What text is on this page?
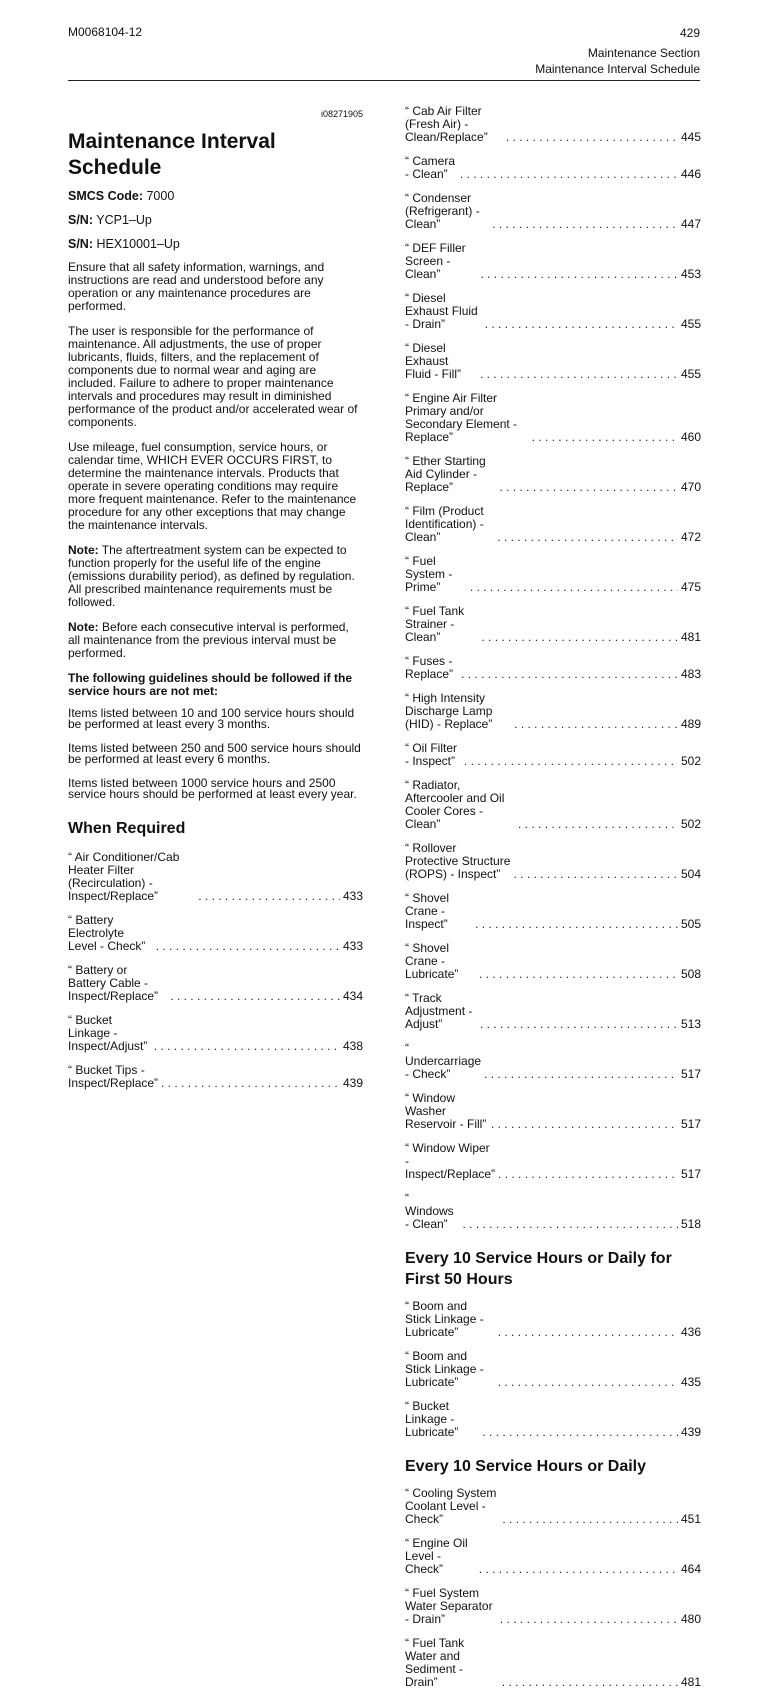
M0068104-12	429
Maintenance Section
Maintenance Interval Schedule
i08271905
Maintenance Interval Schedule

SMCS Code: 7000

S/N: YCP1–Up

S/N: HEX10001–Up

Ensure that all safety information, warnings, and instructions are read and understood before any operation or any maintenance procedures are performed.

The user is responsible for the performance of maintenance. All adjustments, the use of proper lubricants, fluids, filters, and the replacement of components due to normal wear and aging are included. Failure to adhere to proper maintenance intervals and procedures may result in diminished performance of the product and/or accelerated wear of components.

Use mileage, fuel consumption, service hours, or calendar time, WHICH EVER OCCURS FIRST, to determine the maintenance intervals. Products that operate in severe operating conditions may require more frequent maintenance. Refer to the maintenance procedure for any other exceptions that may change the maintenance intervals.

Note: The aftertreatment system can be expected to function properly for the useful life of the engine (emissions durability period), as defined by regulation. All prescribed maintenance requirements must be followed.

Note: Before each consecutive interval is performed, all maintenance from the previous interval must be performed.

The following guidelines should be followed if the service hours are not met:

Items listed between 10 and 100 service hours should be performed at least every 3 months.

Items listed between 250 and 500 service hours should be performed at least every 6 months.

Items listed between 1000 service hours and 2500 service hours should be performed at least every year.

When Required
“ Air Conditioner/Cab Heater Filter (Recirculation) - Inspect/Replace” . . .	433
“ Battery Electrolyte Level - Check” . . .	433
“ Battery or Battery Cable - Inspect/Replace” . . .	434
“ Bucket Linkage - Inspect/Adjust” . . .	438
“ Bucket Tips - Inspect/Replace” . . .	439
“ Cab Air Filter (Fresh Air) - Clean/Replace” . . .	445
“ Camera - Clean” . . .	446
“ Condenser (Refrigerant) - Clean” . . .	447
“ DEF Filler Screen - Clean” . . .	453
“ Diesel Exhaust Fluid - Drain” . . .	455
“ Diesel Exhaust Fluid - Fill” . . .	455
“ Engine Air Filter Primary and/or Secondary Element - Replace” . . .	460
“ Ether Starting Aid Cylinder - Replace” . . .	470
“ Film (Product Identification) - Clean” . . .	472
“ Fuel System - Prime” . . .	475
“ Fuel Tank Strainer - Clean” . . .	481
“ Fuses - Replace” . . .	483
“ High Intensity Discharge Lamp (HID) - Replace” . . .	489
“ Oil Filter - Inspect” . . .	502
“ Radiator, Aftercooler and Oil Cooler Cores - Clean” . . .	502
“ Rollover Protective Structure (ROPS) - Inspect” . . .	504
“ Shovel Crane - Inspect” . . .	505
“ Shovel Crane - Lubricate” . . .	508
“ Track Adjustment - Adjust” . . .	513
“ Undercarriage - Check” . . .	517
“ Window Washer Reservoir - Fill” . . .	517
“ Window Wiper - Inspect/Replace” . . .	517
“ Windows - Clean” . . .	518
Every 10 Service Hours or Daily for First 50 Hours
“ Boom and Stick Linkage - Lubricate” . . .	436
“ Boom and Stick Linkage - Lubricate” . . .	435
“ Bucket Linkage - Lubricate” . . .	439
Every 10 Service Hours or Daily
“ Cooling System Coolant Level - Check” . . .	451
“ Engine Oil Level - Check” . . .	464
“ Fuel System Water Separator - Drain” . . .	480
“ Fuel Tank Water and Sediment - Drain” . . .	481
